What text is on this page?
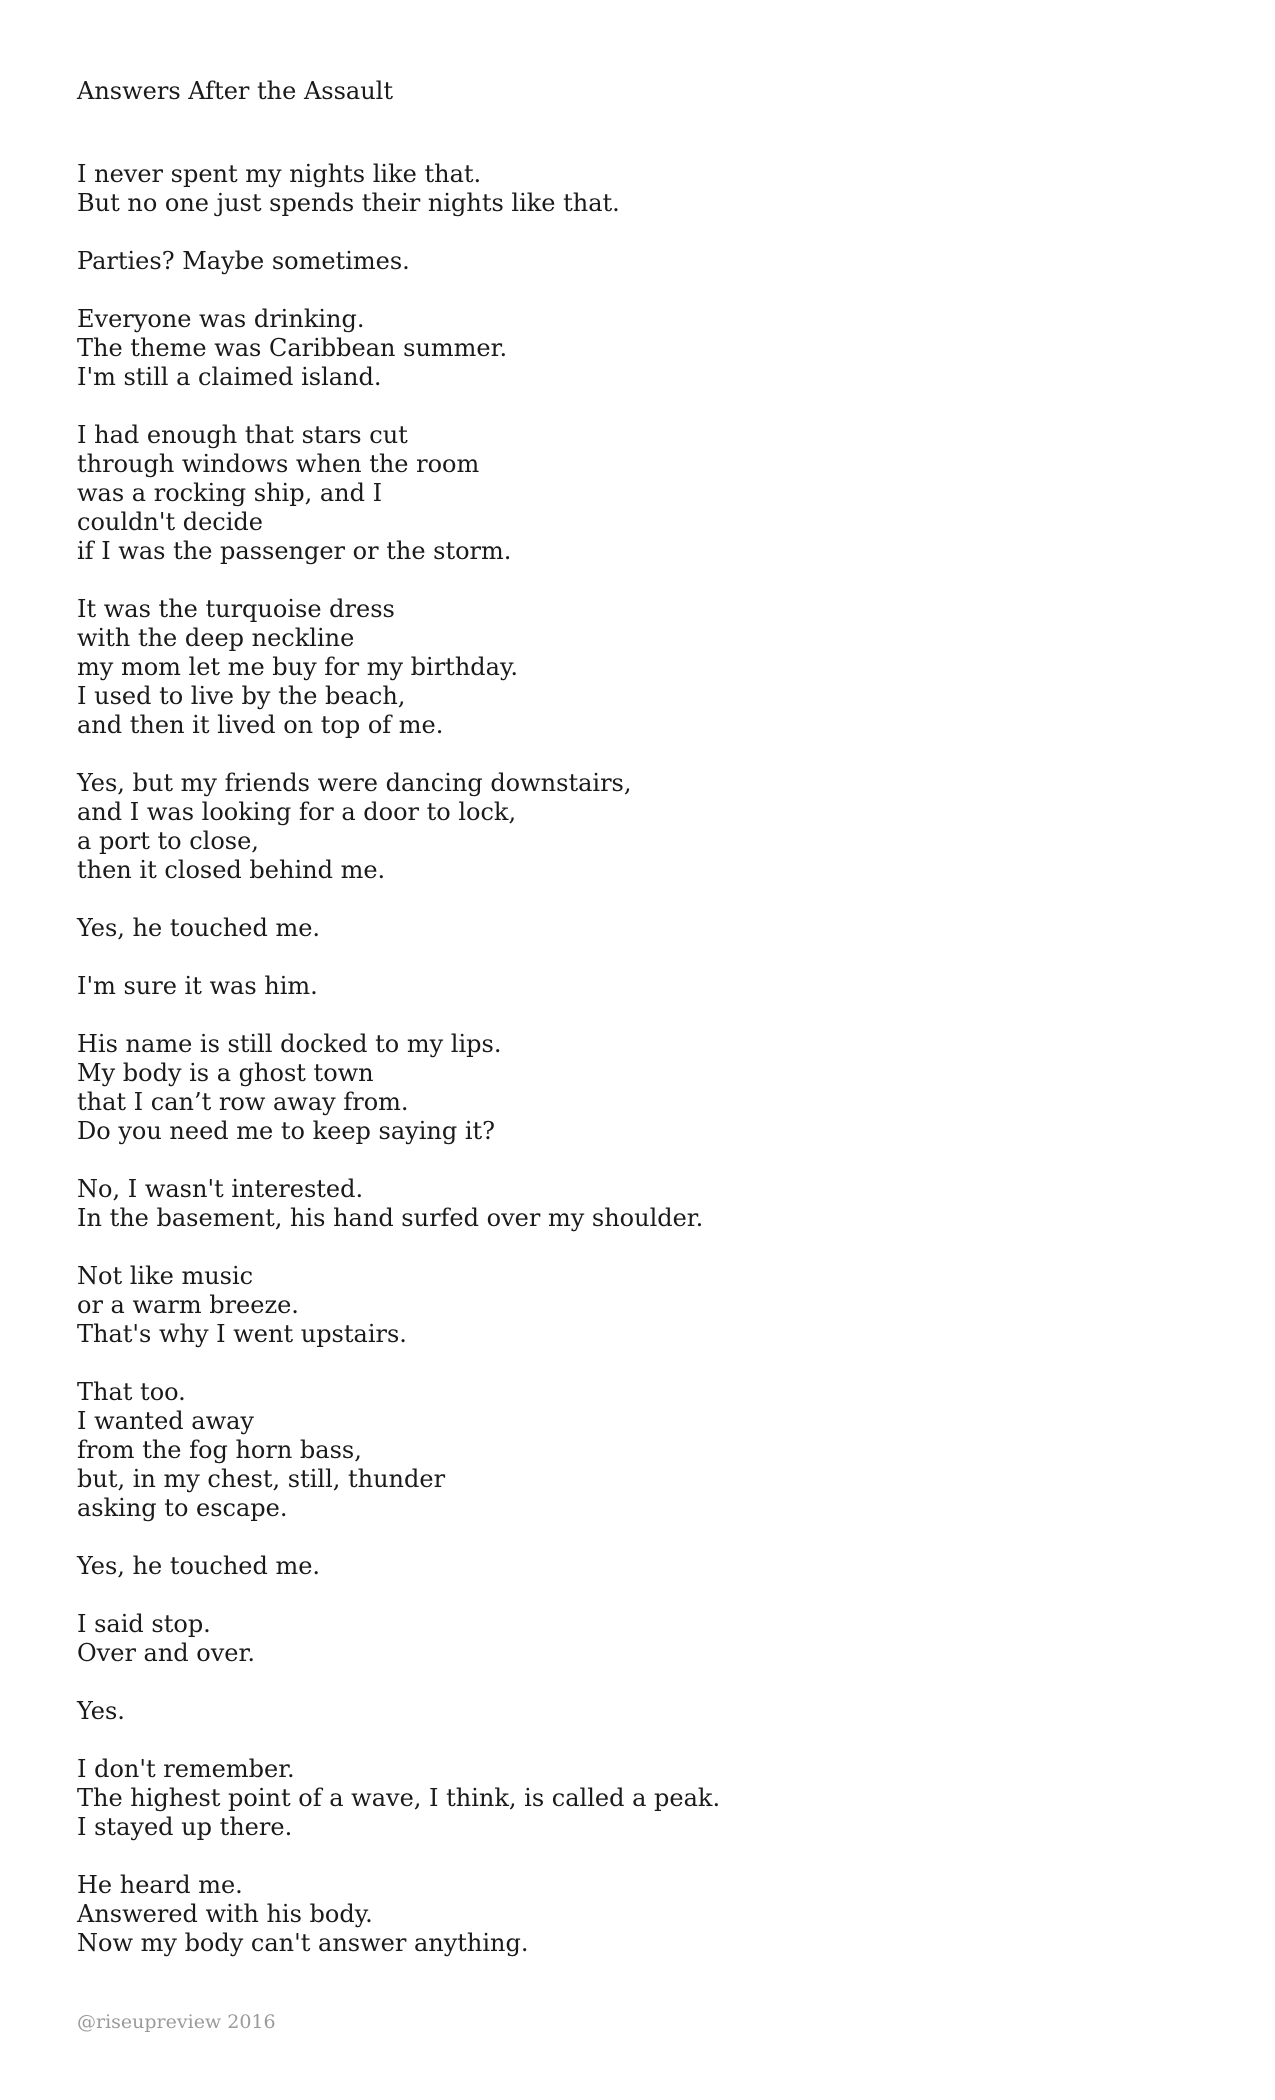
Answers After the Assault
I never spent my nights like that.
But no one just spends their nights like that.
Parties? Maybe sometimes.
Everyone was drinking.
The theme was Caribbean summer.
I'm still a claimed island.
I had enough that stars cut
through windows when the room
was a rocking ship, and I
couldn't decide
if I was the passenger or the storm.
It was the turquoise dress
with the deep neckline
my mom let me buy for my birthday.
I used to live by the beach,
and then it lived on top of me.
Yes, but my friends were dancing downstairs,
and I was looking for a door to lock,
a port to close,
then it closed behind me.
Yes, he touched me.
I'm sure it was him.
His name is still docked to my lips.
My body is a ghost town
that I can’t row away from.
Do you need me to keep saying it?
No, I wasn't interested.
In the basement, his hand surfed over my shoulder.
Not like music
or a warm breeze.
That's why I went upstairs.
That too.
I wanted away
from the fog horn bass,
but, in my chest, still, thunder
asking to escape.
Yes, he touched me.
I said stop.
Over and over.
Yes.
I don't remember.
The highest point of a wave, I think, is called a peak.
I stayed up there.
He heard me.
Answered with his body.
Now my body can't answer anything.
@riseupreview 2016
